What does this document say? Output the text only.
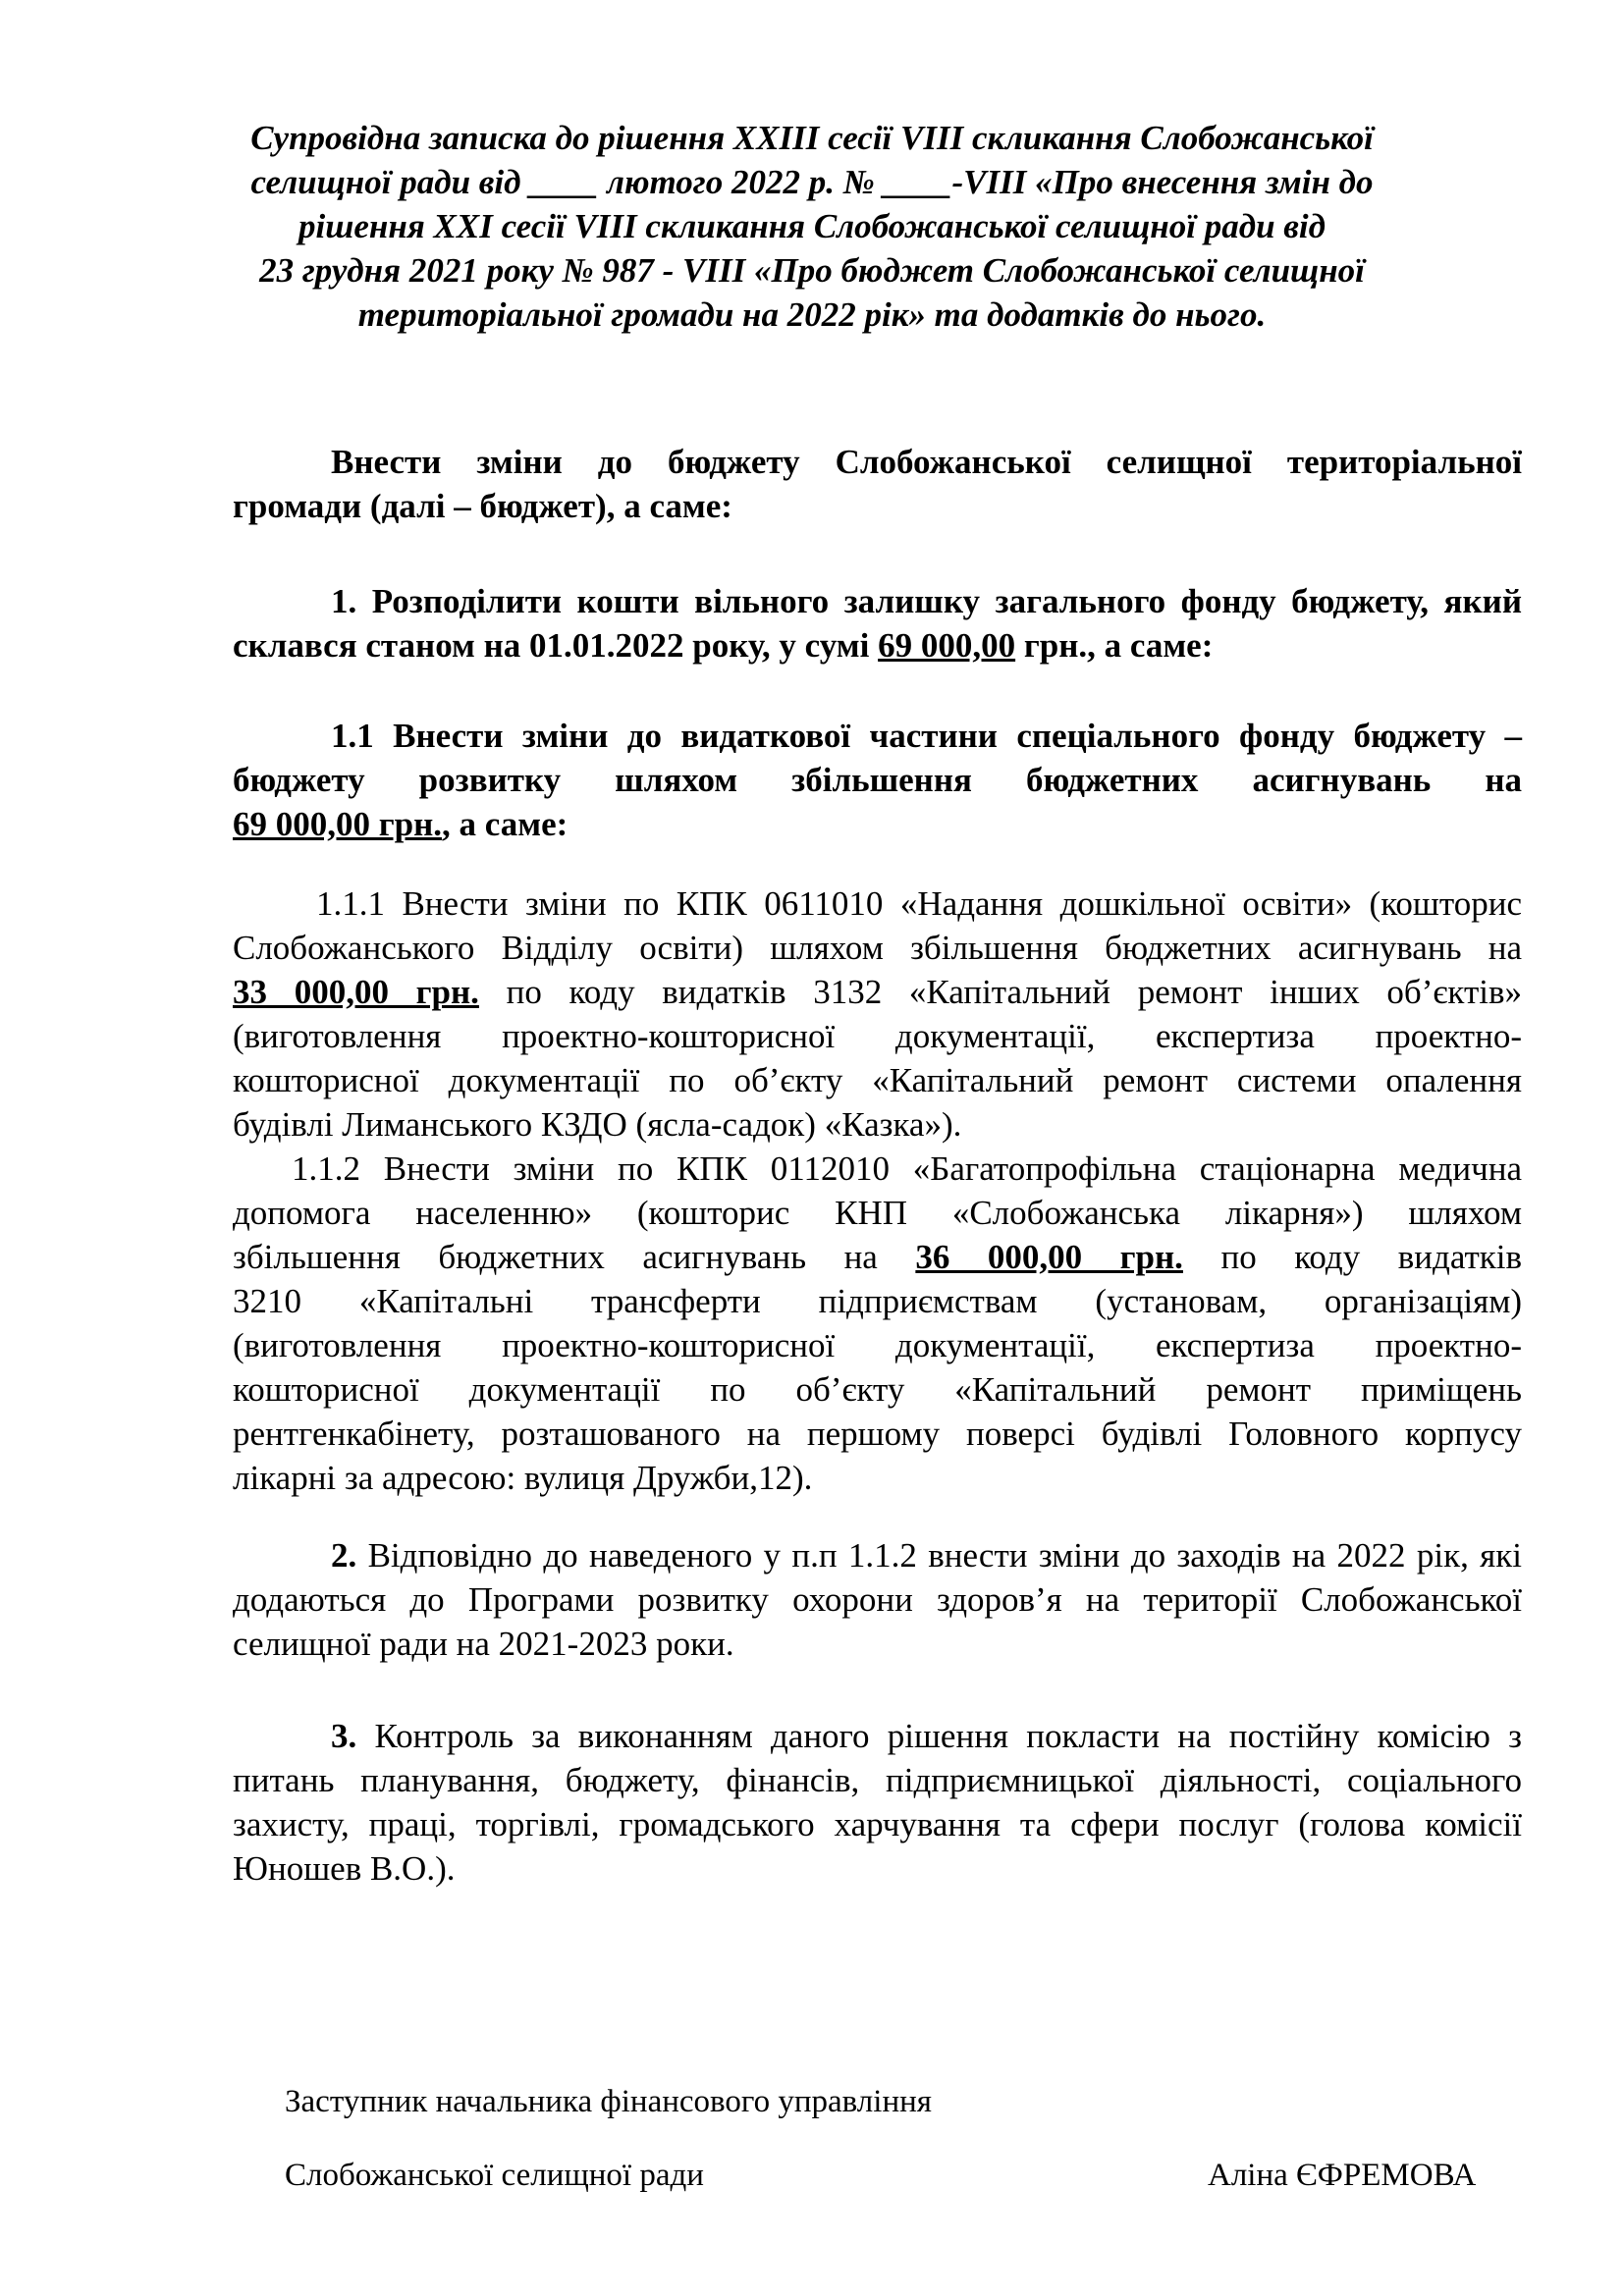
Супровідна записка до рішення ХXIII сесії VIII скликання Слобожанської
селищної ради від ____ лютого 2022 р. № ____-VIII «Про внесення змін до
рішення XXI сесії VIII скликання Слобожанської селищної ради від
23 грудня 2021 року № 987 - VIII «Про бюджет Слобожанської селищної
територіальної громади на 2022 рік» та додатків до нього.
Внести зміни до бюджету Слобожанської селищної територіальної
громади (далі – бюджет), а саме:
1. Розподілити кошти вільного залишку загального фонду бюджету, який
склався станом на 01.01.2022 року, у сумі 69 000,00 грн., а саме:
1.1 Внести зміни до видаткової частини спеціального фонду бюджету –
бюджету розвитку шляхом збільшення бюджетних асигнувань на
69 000,00 грн., а саме:
1.1.1 Внести зміни по КПК 0611010 «Надання дошкільної освіти» (кошторис
Слобожанського Відділу освіти) шляхом збільшення бюджетних асигнувань на
33 000,00 грн. по коду видатків 3132 «Капітальний ремонт інших об’єктів»
(виготовлення проектно-кошторисної документації, експертиза проектно-
кошторисної документації по об’єкту «Капітальний ремонт системи опалення
будівлі Лиманського КЗДО (ясла-садок) «Казка»).
1.1.2 Внести зміни по КПК 0112010 «Багатопрофільна стаціонарна медична
допомога населенню» (кошторис КНП «Слобожанська лікарня») шляхом
збільшення бюджетних асигнувань на 36 000,00 грн. по коду видатків
3210 «Капітальні трансферти підприємствам (установам, організаціям)
(виготовлення проектно-кошторисної документації, експертиза проектно-
кошторисної документації по об’єкту «Капітальний ремонт приміщень
рентгенкабінету, розташованого на першому поверсі будівлі Головного корпусу
лікарні за адресою: вулиця Дружби,12).
2. Відповідно до наведеного у п.п 1.1.2 внести зміни до заходів на 2022 рік, які
додаються до Програми розвитку охорони здоров’я на території Слобожанської
селищної ради на 2021-2023 роки.
3. Контроль за виконанням даного рішення покласти на постійну комісію з
питань планування, бюджету, фінансів, підприємницької діяльності, соціального
захисту, праці, торгівлі, громадського харчування та сфери послуг (голова комісії
Юношев В.О.).
Заступник начальника фінансового управління
Слобожанської селищної ради	Аліна ЄФРЕМОВА
